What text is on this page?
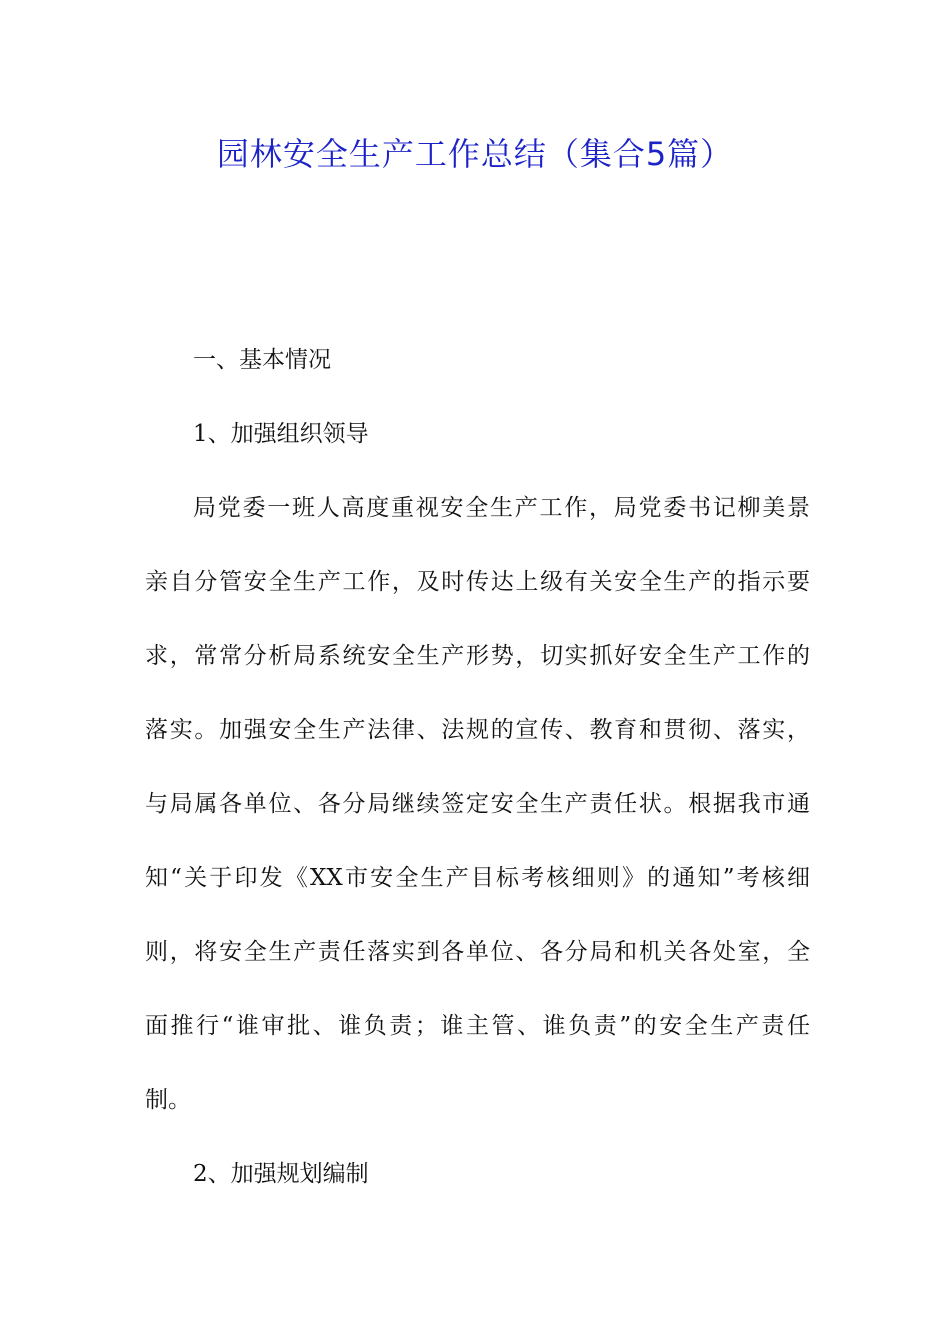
园林安全生产工作总结（集合5篇）
一、基本情况
1、加强组织领导
局党委一班人高度重视安全生产工作，局党委书记柳美景
亲自分管安全生产工作，及时传达上级有关安全生产的指示要
求，常常分析局系统安全生产形势，切实抓好安全生产工作的
落实。加强安全生产法律、法规的宣传、教育和贯彻、落实，
与局属各单位、各分局继续签定安全生产责任状。根据我市通
知“关于印发《XX市安全生产目标考核细则》的通知”考核细
则，将安全生产责任落实到各单位、各分局和机关各处室，全
面推行“谁审批、谁负责；谁主管、谁负责”的安全生产责任
制。
2、加强规划编制
